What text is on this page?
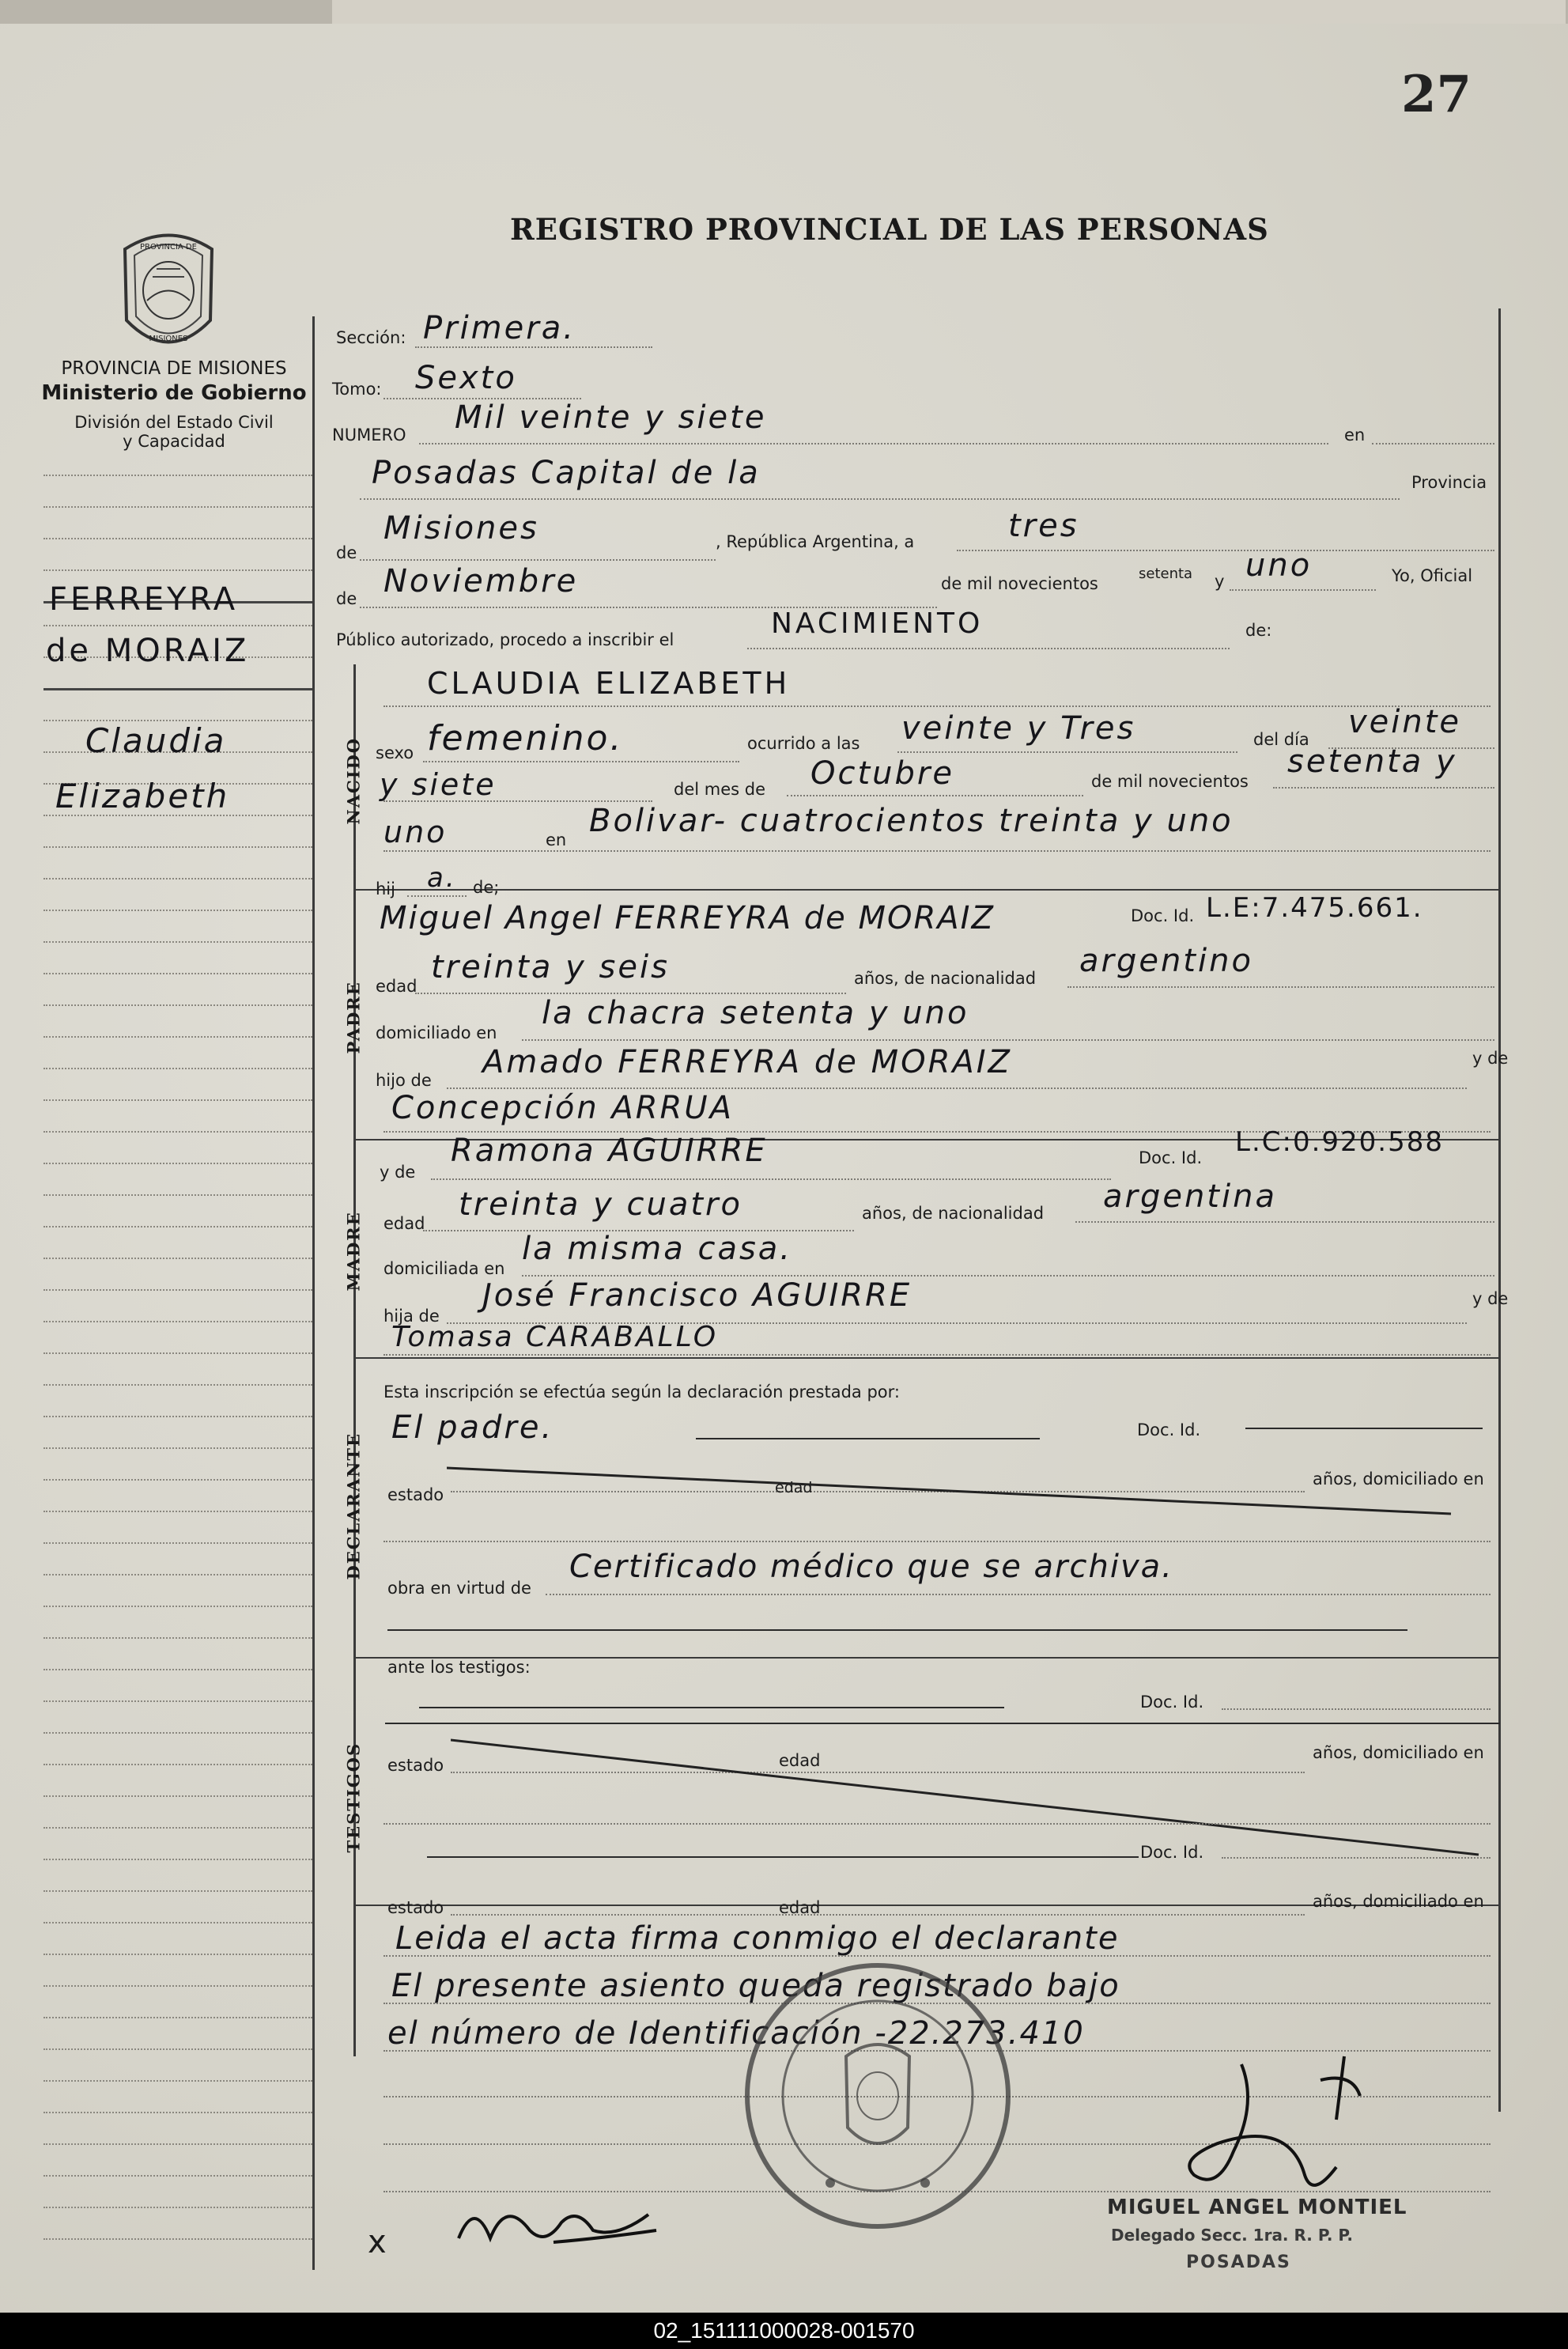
27
REGISTRO PROVINCIAL DE LAS PERSONAS
PROVINCIA DE
MISIONES
PROVINCIA DE MISIONES
Ministerio de Gobierno
División del Estado Civil
y Capacidad
FERREYRA
de MORAIZ
Claudia
Elizabeth	NACIDO
PADRE
MADRE
DECLARANTE
TESTIGOS
Sección: Primera.
Tomo: Sexto
NUMERO Mil veinte y siete	en
Posadas Capital de la	Provincia
de
Misiones	, República Argentina, a	tres
de Noviembre	de mil novecientos
setenta y uno	Yo, Oficial
Público autorizado, procedo a inscribir el	NACIMIENTO	de:
CLAUDIA ELIZABETH
sexo femenino.	ocurrido a las veinte y Tres	del día veinte
y siete	del mes de Octubre	de mil novecientos
setenta y
uno	en
Bolivar- cuatrocientos treinta y uno
hij a. de;
Miguel Angel FERREYRA de MORAIZ	Doc. Id. L.E:7.475.661.
edad
treinta y seis	años, de nacionalidad argentino
domiciliado en
la chacra setenta y uno
hijo de Amado FERREYRA de MORAIZ	y de
Concepción ARRUA
y de
Ramona AGUIRRE	Doc. Id. L.C:0.920.588
edad
treinta y cuatro	años, de nacionalidad argentina
domiciliada en
la misma casa.
hija de
José Francisco AGUIRRE	y de
Tomasa CARABALLO
Esta inscripción se efectúa según la declaración prestada por:
El padre.	Doc. Id.
estado	edad	años, domiciliado en
obra en virtud de
Certificado médico que se archiva.
ante los testigos:
Doc. Id.
estado	edad	años, domiciliado en
Doc. Id.
estado	edad	años, domiciliado en
Leida el acta firma conmigo el declarante
El presente asiento queda registrado bajo
el número de Identificación -22.273.410
x
MIGUEL ANGEL MONTIEL
Delegado Secc. 1ra. R. P. P.
POSADAS
02_151111000028-001570
